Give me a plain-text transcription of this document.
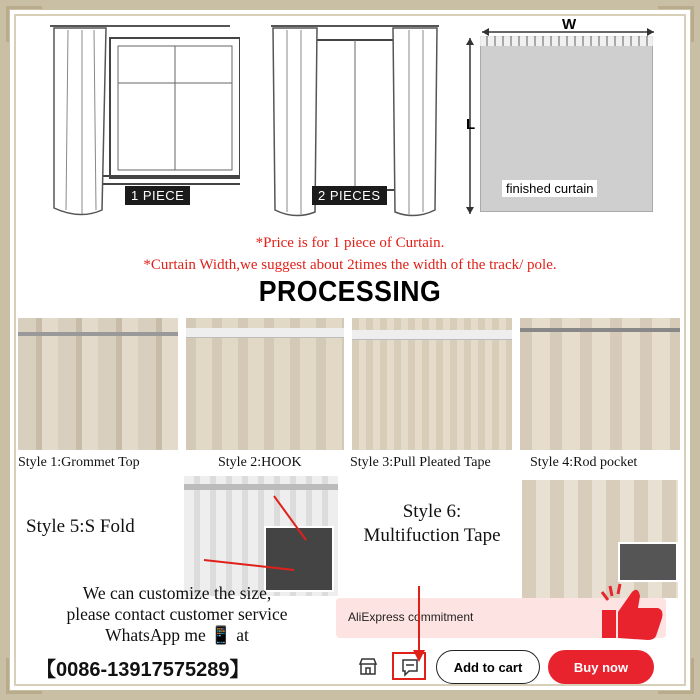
1 PIECE	2 PIECES
W
L
finished curtain
*Price is for 1 piece of Curtain.
*Curtain Width,we suggest about 2times the width of the track/ pole.
PROCESSING
Style 1:Grommet Top	Style 2:HOOK	Style 3:Pull Pleated Tape	Style 4:Rod pocket
Style 5:S Fold
Style 6:
Multifuction Tape
We can customize the size,
please contact customer service
WhatsApp me 📱 at
【0086-13917575289】
AliExpress commitment
Add to cart	Buy now
